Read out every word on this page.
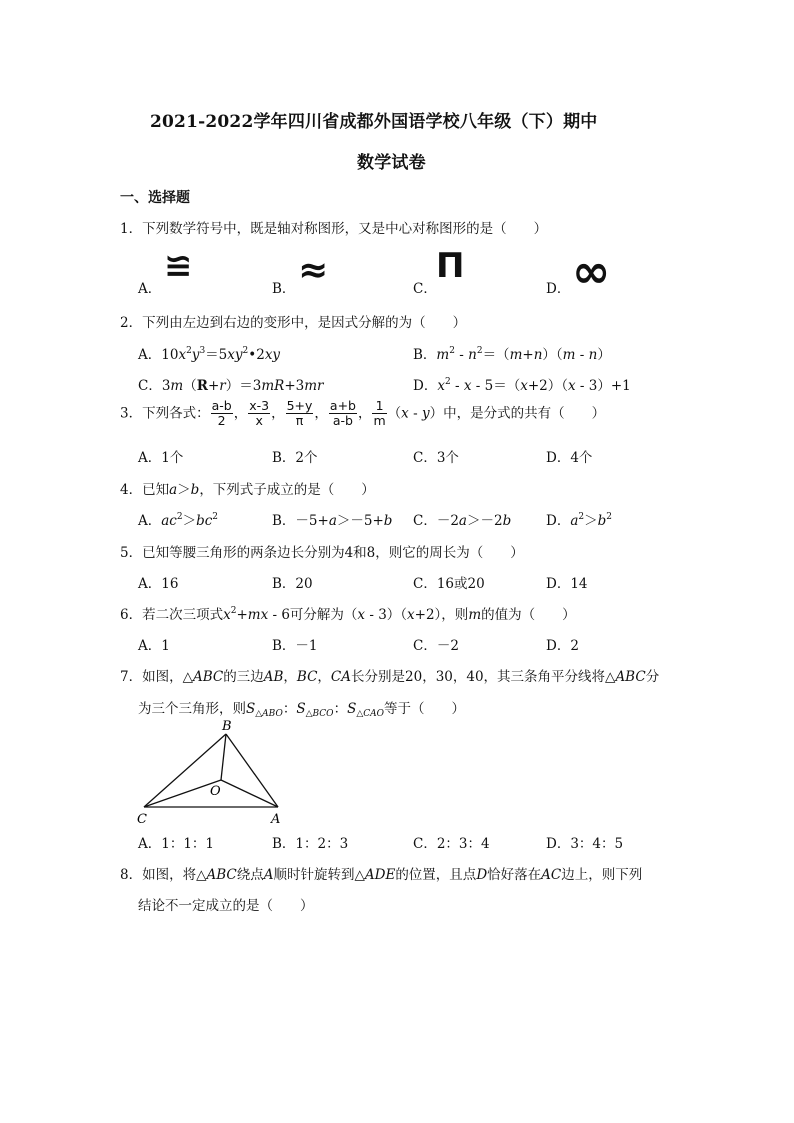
2021-2022学年四川省成都外国语学校八年级（下）期中
数学试卷
一、选择题
1．下列数学符号中，既是轴对称图形，又是中心对称图形的是（　　）
A．
≌
B． ≈	C．
Π
D． ∞
2．下列由左边到右边的变形中，是因式分解的为（　　）
A．$10x^2y^3=5xy^2•2xy$	B．$m^2 - n^2=(m+n)(m - n)$
C．3m（R+r）＝3mR+3mr	D．$x^2 - x - 5=(x+2)(x - 3)+1$
3．下列各式： $\frac{a-b}{2}$ ， $\frac{x-3}{x}$ ， $\frac{5+y}{\pi}$ ， $\frac{a+b}{a-b}$ ， $\frac{1}{m} (x - y)$中，是分式的共有（　　）
A．1个	B．2个	C．3个	D．4个
4．已知a＞b，下列式子成立的是（　　）
A．$ac^2>bc^2$	B．－5+a＞－5+b C．－2a＞－2b	D．$a^2>b^2$
5．已知等腰三角形的两条边长分别为4和8，则它的周长为（　　）
A．16	B．20	C．16或20	D．14
6．若二次三项式$x^2+mx - 6$可分解为（x - 3）（x+2），则m的值为（　　）
A．1	B．－1	C．－2	D．2
7．如图，△ABC的三边AB，BC，CA长分别是20，30，40，其三条角平分线将△ABC分
为三个三角形，则$S_{\triangle ABO}$：$S_{\triangle BCO}$：$S_{\triangle CAO}$等于（　　）
B
O
C	A
A．1：1：1	B．1：2：3	C．2：3：4	D．3：4：5
8．如图，将△ABC绕点A顺时针旋转到△ADE的位置，且点D恰好落在AC边上，则下列
结论不一定成立的是（　　）
